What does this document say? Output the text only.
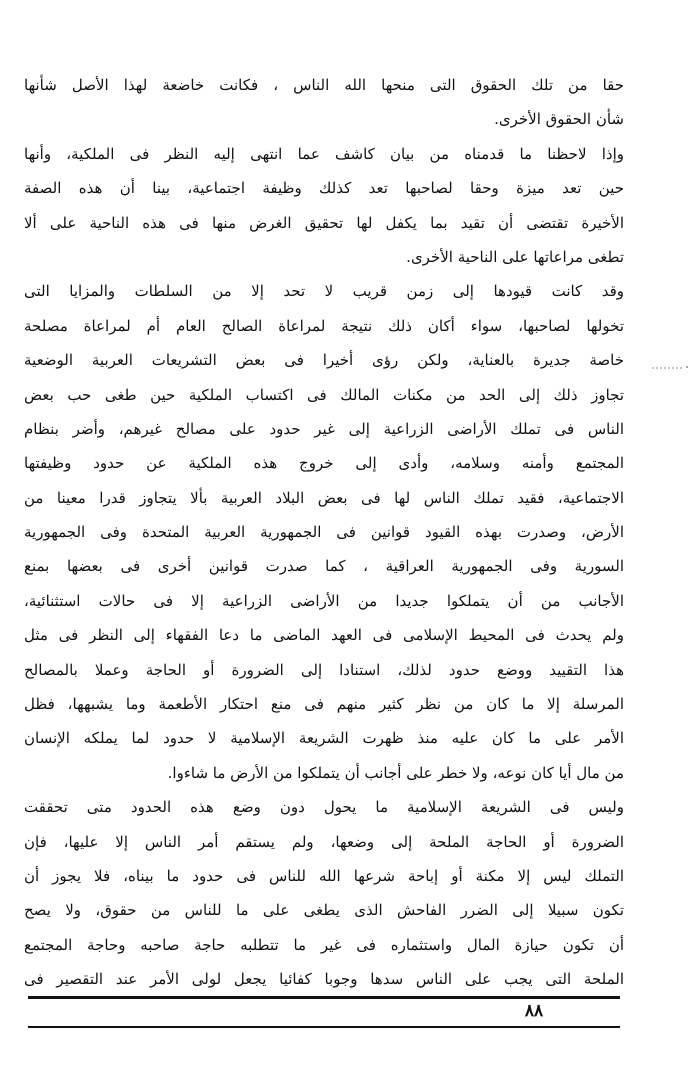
حقا من تلك الحقوق التى منحها الله الناس ، فكانت خاضعة لهذا الأصل شأنها
شأن الحقوق الأخرى.
وإذا لاحظنا ما قدمناه من بيان كاشف عما انتهى إليه النظر فى الملكية، وأنها
حين تعد ميزة وحقا لصاحبها تعد كذلك وظيفة اجتماعية، بينا أن هذه الصفة
الأخيرة تقتضى أن تقيد بما يكفل لها تحقيق الغرض منها فى هذه الناحية على ألا
تطغى مراعاتها على الناحية الأخرى.
وقد كانت قيودها إلى زمن قريب لا تحد إلا من السلطات والمزايا التى
تخولها لصاحبها، سواء أكان ذلك نتيجة لمراعاة الصالح العام أم لمراعاة مصلحة
خاصة جديرة بالعناية، ولكن رؤى أخيرا فى بعض التشريعات العربية الوضعية
تجاوز ذلك إلى الحد من مكنات المالك فى اكتساب الملكية حين طغى حب بعض
الناس فى تملك الأراضى الزراعية إلى غير حدود على مصالح غيرهم، وأضر بنظام
المجتمع وأمنه وسلامه، وأدى إلى خروج هذه الملكية عن حدود وظيفتها
الاجتماعية، فقيد تملك الناس لها فى بعض البلاد العربية بألا يتجاوز قدرا معينا من
الأرض، وصدرت بهذه القيود قوانين فى الجمهورية العربية المتحدة وفى الجمهورية
السورية وفى الجمهورية العراقية ، كما صدرت قوانين أخرى فى بعضها بمنع
الأجانب من أن يتملكوا جديدا من الأراضى الزراعية إلا فى حالات استثنائية،
ولم يحدث فى المحيط الإسلامى فى العهد الماضى ما دعا الفقهاء إلى النظر فى مثل
هذا التقييد ووضع حدود لذلك، استنادا إلى الضرورة أو الحاجة وعملا بالمصالح
المرسلة إلا ما كان من نظر كثير منهم فى منع احتكار الأطعمة وما يشبهها، فظل
الأمر على ما كان عليه منذ ظهرت الشريعة الإسلامية لا حدود لما يملكه الإنسان
من مال أيا كان نوعه، ولا خطر على أجانب أن يتملكوا من الأرض ما شاءوا.
وليس فى الشريعة الإسلامية ما يحول دون وضع هذه الحدود متى تحققت
الضرورة أو الحاجة الملحة إلى وضعها، ولم يستقم أمر الناس إلا عليها، فإن
التملك ليس إلا مكنة أو إباحة شرعها الله للناس فى حدود ما بيناه، فلا يجوز أن
تكون سبيلا إلى الضرر الفاحش الذى يطغى على ما للناس من حقوق، ولا يصح
أن تكون حيازة المال واستثماره فى غير ما تتطلبه حاجة صاحبه وحاجة المجتمع
الملحة التى يجب على الناس سدها وجوبا كفائيا يجعل لولى الأمر عند التقصير فى
٨٨
